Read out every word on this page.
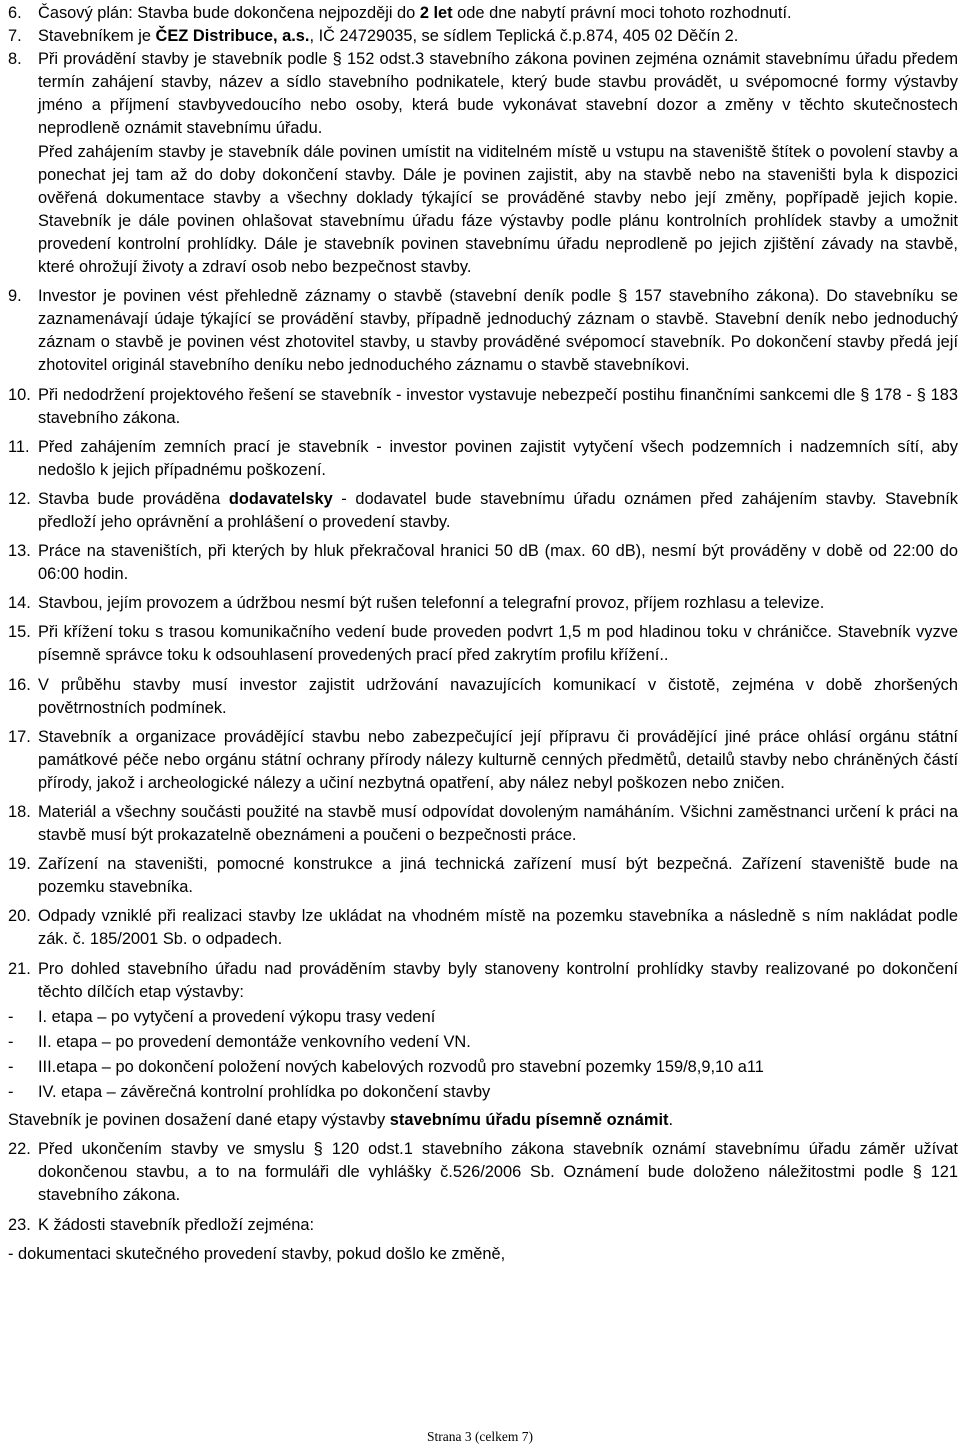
6. Časový plán: Stavba bude dokončena nejpozději do 2 let ode dne nabytí právní moci tohoto rozhodnutí.
7. Stavebníkem je ČEZ Distribuce, a.s., IČ 24729035, se sídlem Teplická č.p.874, 405 02 Děčín 2.
8. Při provádění stavby je stavebník podle § 152 odst.3 stavebního zákona povinen zejména oznámit stavebnímu úřadu předem termín zahájení stavby, název a sídlo stavebního podnikatele, který bude stavbu provádět, u svépomocné formy výstavby jméno a příjmení stavbyvedoucího nebo osoby, která bude vykonávat stavební dozor a změny v těchto skutečnostech neprodleně oznámit stavebnímu úřadu.
Před zahájením stavby je stavebník dále povinen umístit na viditelném místě u vstupu na staveniště štítek o povolení stavby a ponechat jej tam až do doby dokončení stavby. Dále je povinen zajistit, aby na stavbě nebo na staveništi byla k dispozici ověřená dokumentace stavby a všechny doklady týkající se prováděné stavby nebo její změny, popřípadě jejich kopie. Stavebník je dále povinen ohlašovat stavebnímu úřadu fáze výstavby podle plánu kontrolních prohlídek stavby a umožnit provedení kontrolní prohlídky. Dále je stavebník povinen stavebnímu úřadu neprodleně po jejich zjištění závady na stavbě, které ohrožují životy a zdraví osob nebo bezpečnost stavby.
9. Investor je povinen vést přehledně záznamy o stavbě (stavební deník podle § 157 stavebního zákona). Do stavebníku se zaznamenávají údaje týkající se provádění stavby, případně jednoduchý záznam o stavbě. Stavební deník nebo jednoduchý záznam o stavbě je povinen vést zhotovitel stavby, u stavby prováděné svépomocí stavebník. Po dokončení stavby předá její zhotovitel originál stavebního deníku nebo jednoduchého záznamu o stavbě stavebníkovi.
10. Při nedodržení projektového řešení se stavebník - investor vystavuje nebezpečí postihu finančními sankcemi dle § 178 - § 183 stavebního zákona.
11. Před zahájením zemních prací je stavebník - investor povinen zajistit vytyčení všech podzemních i nadzemních sítí, aby nedošlo k jejich případnému poškození.
12. Stavba bude prováděna dodavatelsky - dodavatel bude stavebnímu úřadu oznámen před zahájením stavby. Stavebník předloží jeho oprávnění a prohlášení o provedení stavby.
13. Práce na staveništích, při kterých by hluk překračoval hranici 50 dB (max. 60 dB), nesmí být prováděny v době od 22:00 do 06:00 hodin.
14. Stavbou, jejím provozem a údržbou nesmí být rušen telefonní a telegrafní provoz, příjem rozhlasu a televize.
15. Při křížení toku s trasou komunikačního vedení bude proveden podvrt 1,5 m pod hladinou toku v chráničce. Stavebník vyzve písemně správce toku k odsouhlasení provedených prací před zakrytím profilu křížení..
16. V průběhu stavby musí investor zajistit udržování navazujících komunikací v čistotě, zejména v době zhoršených povětrnostních podmínek.
17. Stavebník a organizace provádějící stavbu nebo zabezpečující její přípravu či provádějící jiné práce ohlásí orgánu státní památkové péče nebo orgánu státní ochrany přírody nálezy kulturně cenných předmětů, detailů stavby nebo chráněných částí přírody, jakož i archeologické nálezy a učiní nezbytná opatření, aby nález nebyl poškozen nebo zničen.
18. Materiál a všechny součásti použité na stavbě musí odpovídat dovoleným namáháním. Všichni zaměstnanci určení k práci na stavbě musí být prokazatelně obeznámeni a poučeni o bezpečnosti práce.
19. Zařízení na staveništi, pomocné konstrukce a jiná technická zařízení musí být bezpečná. Zařízení staveniště bude na pozemku stavebníka.
20. Odpady vzniklé při realizaci stavby lze ukládat na vhodném místě na pozemku stavebníka a následně s ním nakládat podle zák. č. 185/2001 Sb. o odpadech.
21. Pro dohled stavebního úřadu nad prováděním stavby byly stanoveny kontrolní prohlídky stavby realizované po dokončení těchto dílčích etap výstavby:
-	I. etapa – po vytyčení a provedení výkopu trasy vedení
-	II. etapa – po provedení demontáže venkovního vedení VN.
-	III.etapa – po dokončení položení nových kabelových rozvodů pro stavební pozemky 159/8,9,10 a11
-	IV. etapa – závěrečná kontrolní prohlídka po dokončení stavby
Stavebník je povinen dosažení dané etapy výstavby stavebnímu úřadu písemně oznámit.
22. Před ukončením stavby ve smyslu § 120 odst.1 stavebního zákona stavebník oznámí stavebnímu úřadu záměr užívat dokončenou stavbu, a to na formuláři dle vyhlášky č.526/2006 Sb. Oznámení bude doloženo náležitostmi podle § 121 stavebního zákona.
23. K žádosti stavebník předloží zejména:
- dokumentaci skutečného provedení stavby, pokud došlo ke změně,
Strana 3 (celkem 7)
